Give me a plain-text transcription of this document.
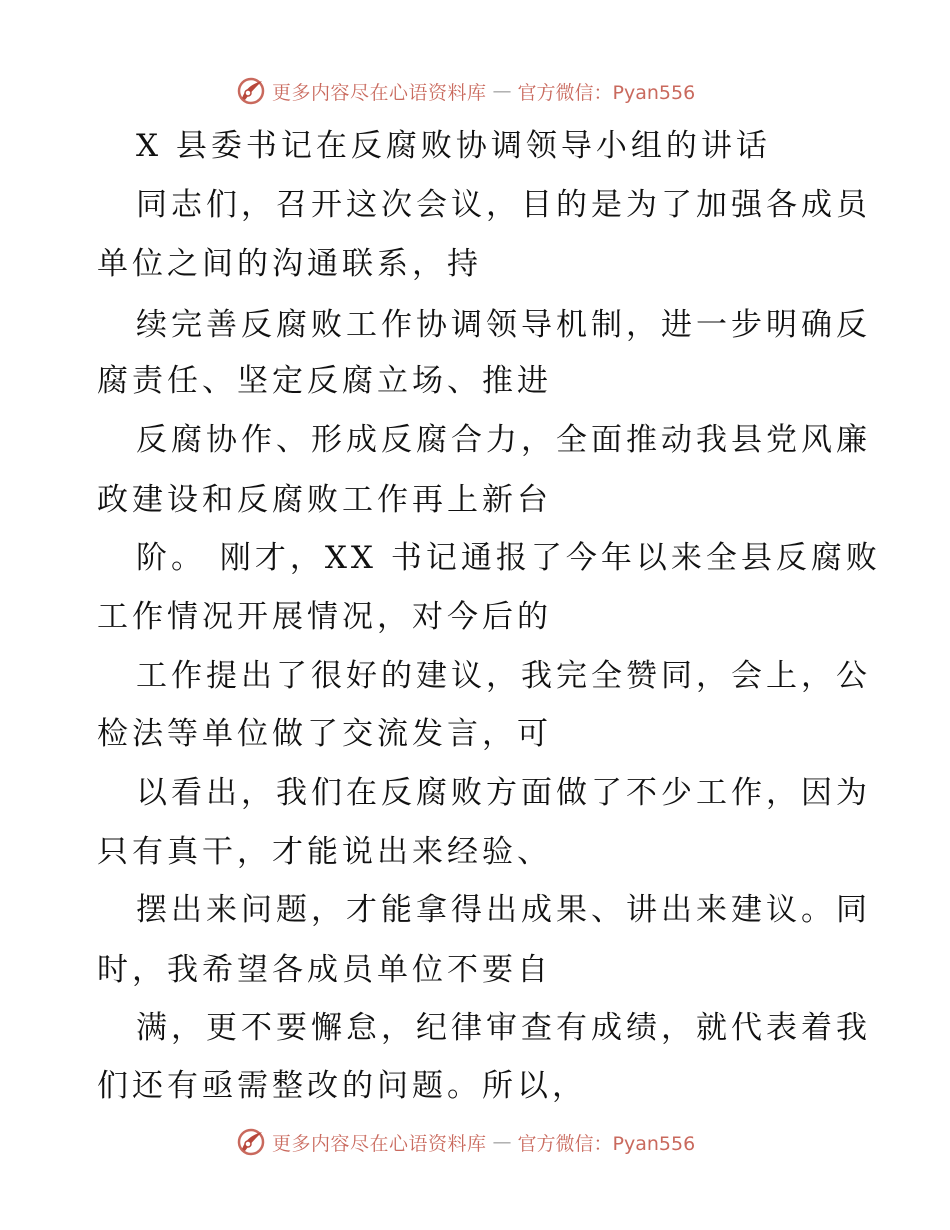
更多内容尽在心语资料库 — 官方微信：Pyan556
X 县委书记在反腐败协调领导小组的讲话
同志们，召开这次会议，目的是为了加强各成员
单位之间的沟通联系，持
续完善反腐败工作协调领导机制，进一步明确反
腐责任、坚定反腐立场、推进
反腐协作、形成反腐合力，全面推动我县党风廉
政建设和反腐败工作再上新台
阶。 刚才，XX 书记通报了今年以来全县反腐败
工作情况开展情况，对今后的
工作提出了很好的建议，我完全赞同，会上，公
检法等单位做了交流发言，可
以看出，我们在反腐败方面做了不少工作，因为
只有真干，才能说出来经验、
摆出来问题，才能拿得出成果、讲出来建议。同
时，我希望各成员单位不要自
满，更不要懈怠，纪律审查有成绩，就代表着我
们还有亟需整改的问题。所以，
更多内容尽在心语资料库 — 官方微信：Pyan556
